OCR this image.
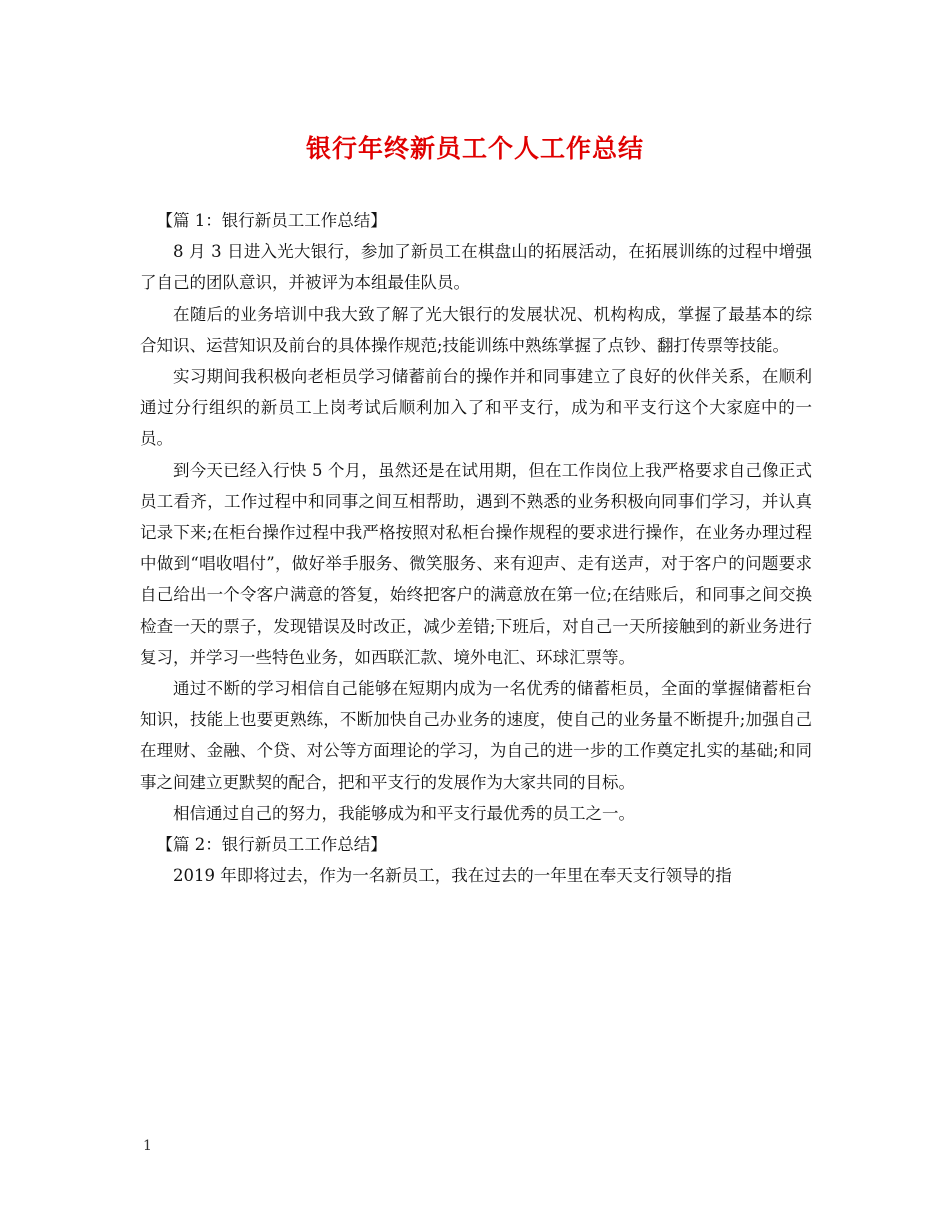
银行年终新员工个人工作总结

【篇 1：银行新员工工作总结】

8 月 3 日进入光大银行，参加了新员工在棋盘山的拓展活动，在拓展训练的过程中增强了自己的团队意识，并被评为本组最佳队员。

在随后的业务培训中我大致了解了光大银行的发展状况、机构构成，掌握了最基本的综合知识、运营知识及前台的具体操作规范;技能训练中熟练掌握了点钞、翻打传票等技能。

实习期间我积极向老柜员学习储蓄前台的操作并和同事建立了良好的伙伴关系，在顺利通过分行组织的新员工上岗考试后顺利加入了和平支行，成为和平支行这个大家庭中的一员。

到今天已经入行快 5 个月，虽然还是在试用期，但在工作岗位上我严格要求自己像正式员工看齐，工作过程中和同事之间互相帮助，遇到不熟悉的业务积极向同事们学习，并认真记录下来;在柜台操作过程中我严格按照对私柜台操作规程的要求进行操作，在业务办理过程中做到“唱收唱付”，做好举手服务、微笑服务、来有迎声、走有送声，对于客户的问题要求自己给出一个令客户满意的答复，始终把客户的满意放在第一位;在结账后，和同事之间交换检查一天的票子，发现错误及时改正，减少差错;下班后，对自己一天所接触到的新业务进行复习，并学习一些特色业务，如西联汇款、境外电汇、环球汇票等。

通过不断的学习相信自己能够在短期内成为一名优秀的储蓄柜员，全面的掌握储蓄柜台知识，技能上也要更熟练，不断加快自己办业务的速度，使自己的业务量不断提升;加强自己在理财、金融、个贷、对公等方面理论的学习，为自己的进一步的工作奠定扎实的基础;和同事之间建立更默契的配合，把和平支行的发展作为大家共同的目标。

相信通过自己的努力，我能够成为和平支行最优秀的员工之一。

【篇 2：银行新员工工作总结】

2019 年即将过去，作为一名新员工，我在过去的一年里在奉天支行领导的指

1
